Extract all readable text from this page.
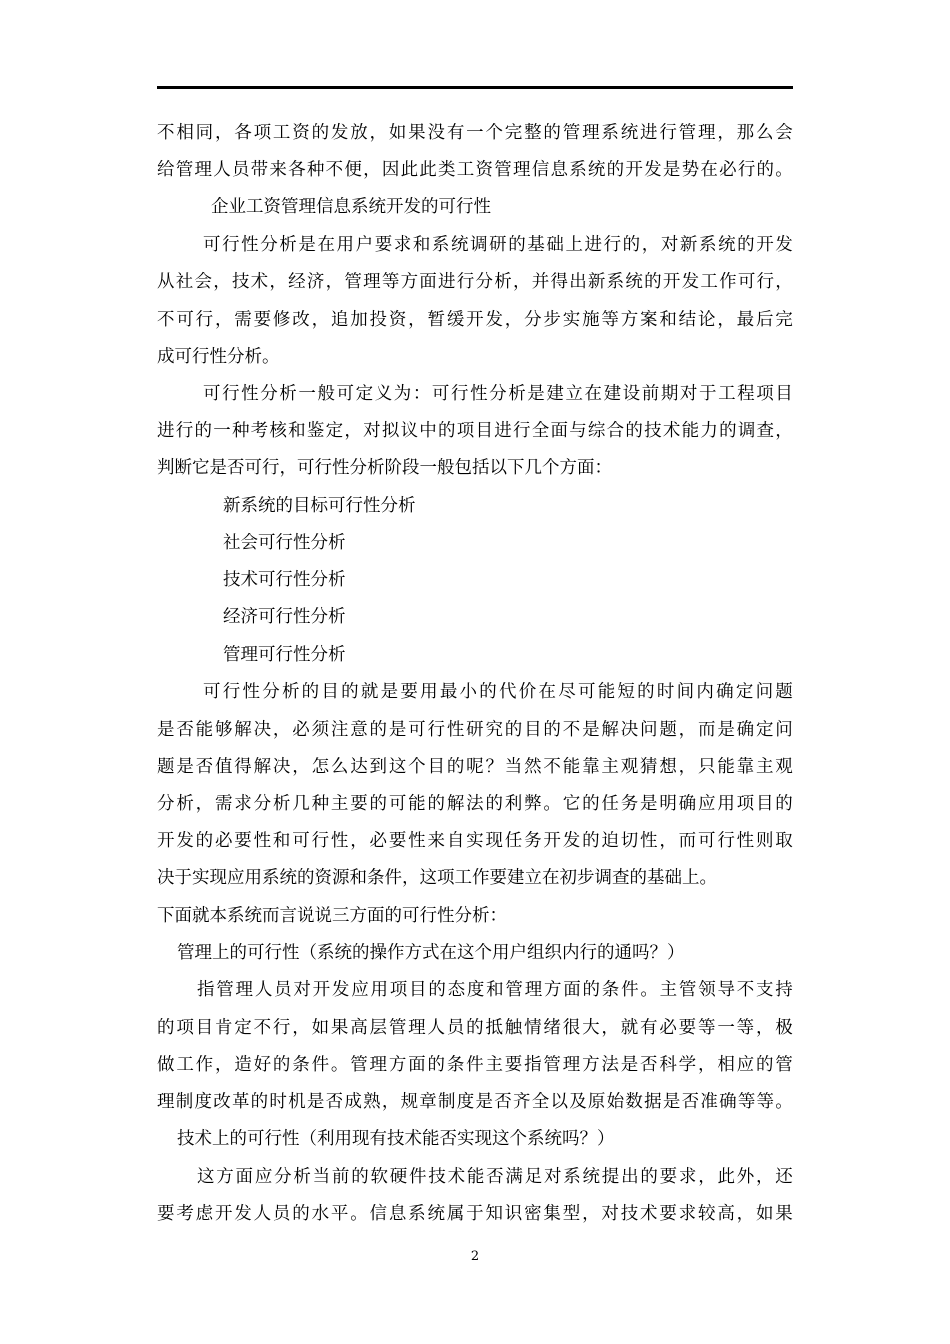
不相同，各项工资的发放，如果没有一个完整的管理系统进行管理，那么会
给管理人员带来各种不便，因此此类工资管理信息系统的开发是势在必行的。
企业工资管理信息系统开发的可行性
可行性分析是在用户要求和系统调研的基础上进行的，对新系统的开发
从社会，技术，经济，管理等方面进行分析，并得出新系统的开发工作可行，
不可行，需要修改，追加投资，暂缓开发，分步实施等方案和结论，最后完
成可行性分析。
可行性分析一般可定义为：可行性分析是建立在建设前期对于工程项目
进行的一种考核和鉴定，对拟议中的项目进行全面与综合的技术能力的调查，
判断它是否可行，可行性分析阶段一般包括以下几个方面：
新系统的目标可行性分析
社会可行性分析
技术可行性分析
经济可行性分析
管理可行性分析
可行性分析的目的就是要用最小的代价在尽可能短的时间内确定问题
是否能够解决，必须注意的是可行性研究的目的不是解决问题，而是确定问
题是否值得解决，怎么达到这个目的呢？当然不能靠主观猜想，只能靠主观
分析，需求分析几种主要的可能的解法的利弊。它的任务是明确应用项目的
开发的必要性和可行性，必要性来自实现任务开发的迫切性，而可行性则取
决于实现应用系统的资源和条件，这项工作要建立在初步调查的基础上。
下面就本系统而言说说三方面的可行性分析：
管理上的可行性（系统的操作方式在这个用户组织内行的通吗？）
指管理人员对开发应用项目的态度和管理方面的条件。主管领导不支持
的项目肯定不行，如果高层管理人员的抵触情绪很大，就有必要等一等，极
做工作，造好的条件。管理方面的条件主要指管理方法是否科学，相应的管
理制度改革的时机是否成熟，规章制度是否齐全以及原始数据是否准确等等。
技术上的可行性（利用现有技术能否实现这个系统吗？）
这方面应分析当前的软硬件技术能否满足对系统提出的要求，此外，还
要考虑开发人员的水平。信息系统属于知识密集型，对技术要求较高，如果
2
